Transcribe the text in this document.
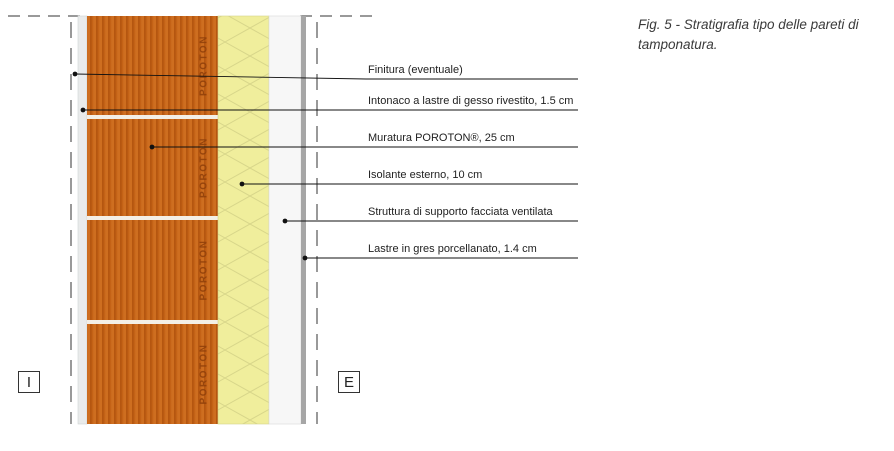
POROTON
POROTON
POROTON
POROTON
Finitura (eventuale)
Intonaco a lastre di gesso rivestito, 1.5 cm
Muratura POROTON®, 25 cm
Isolante esterno, 10 cm
Struttura di supporto facciata ventilata
Lastre in gres porcellanato, 1.4 cm
Fig. 5 - Stratigrafia tipo delle pareti di tamponatura.
I	E
